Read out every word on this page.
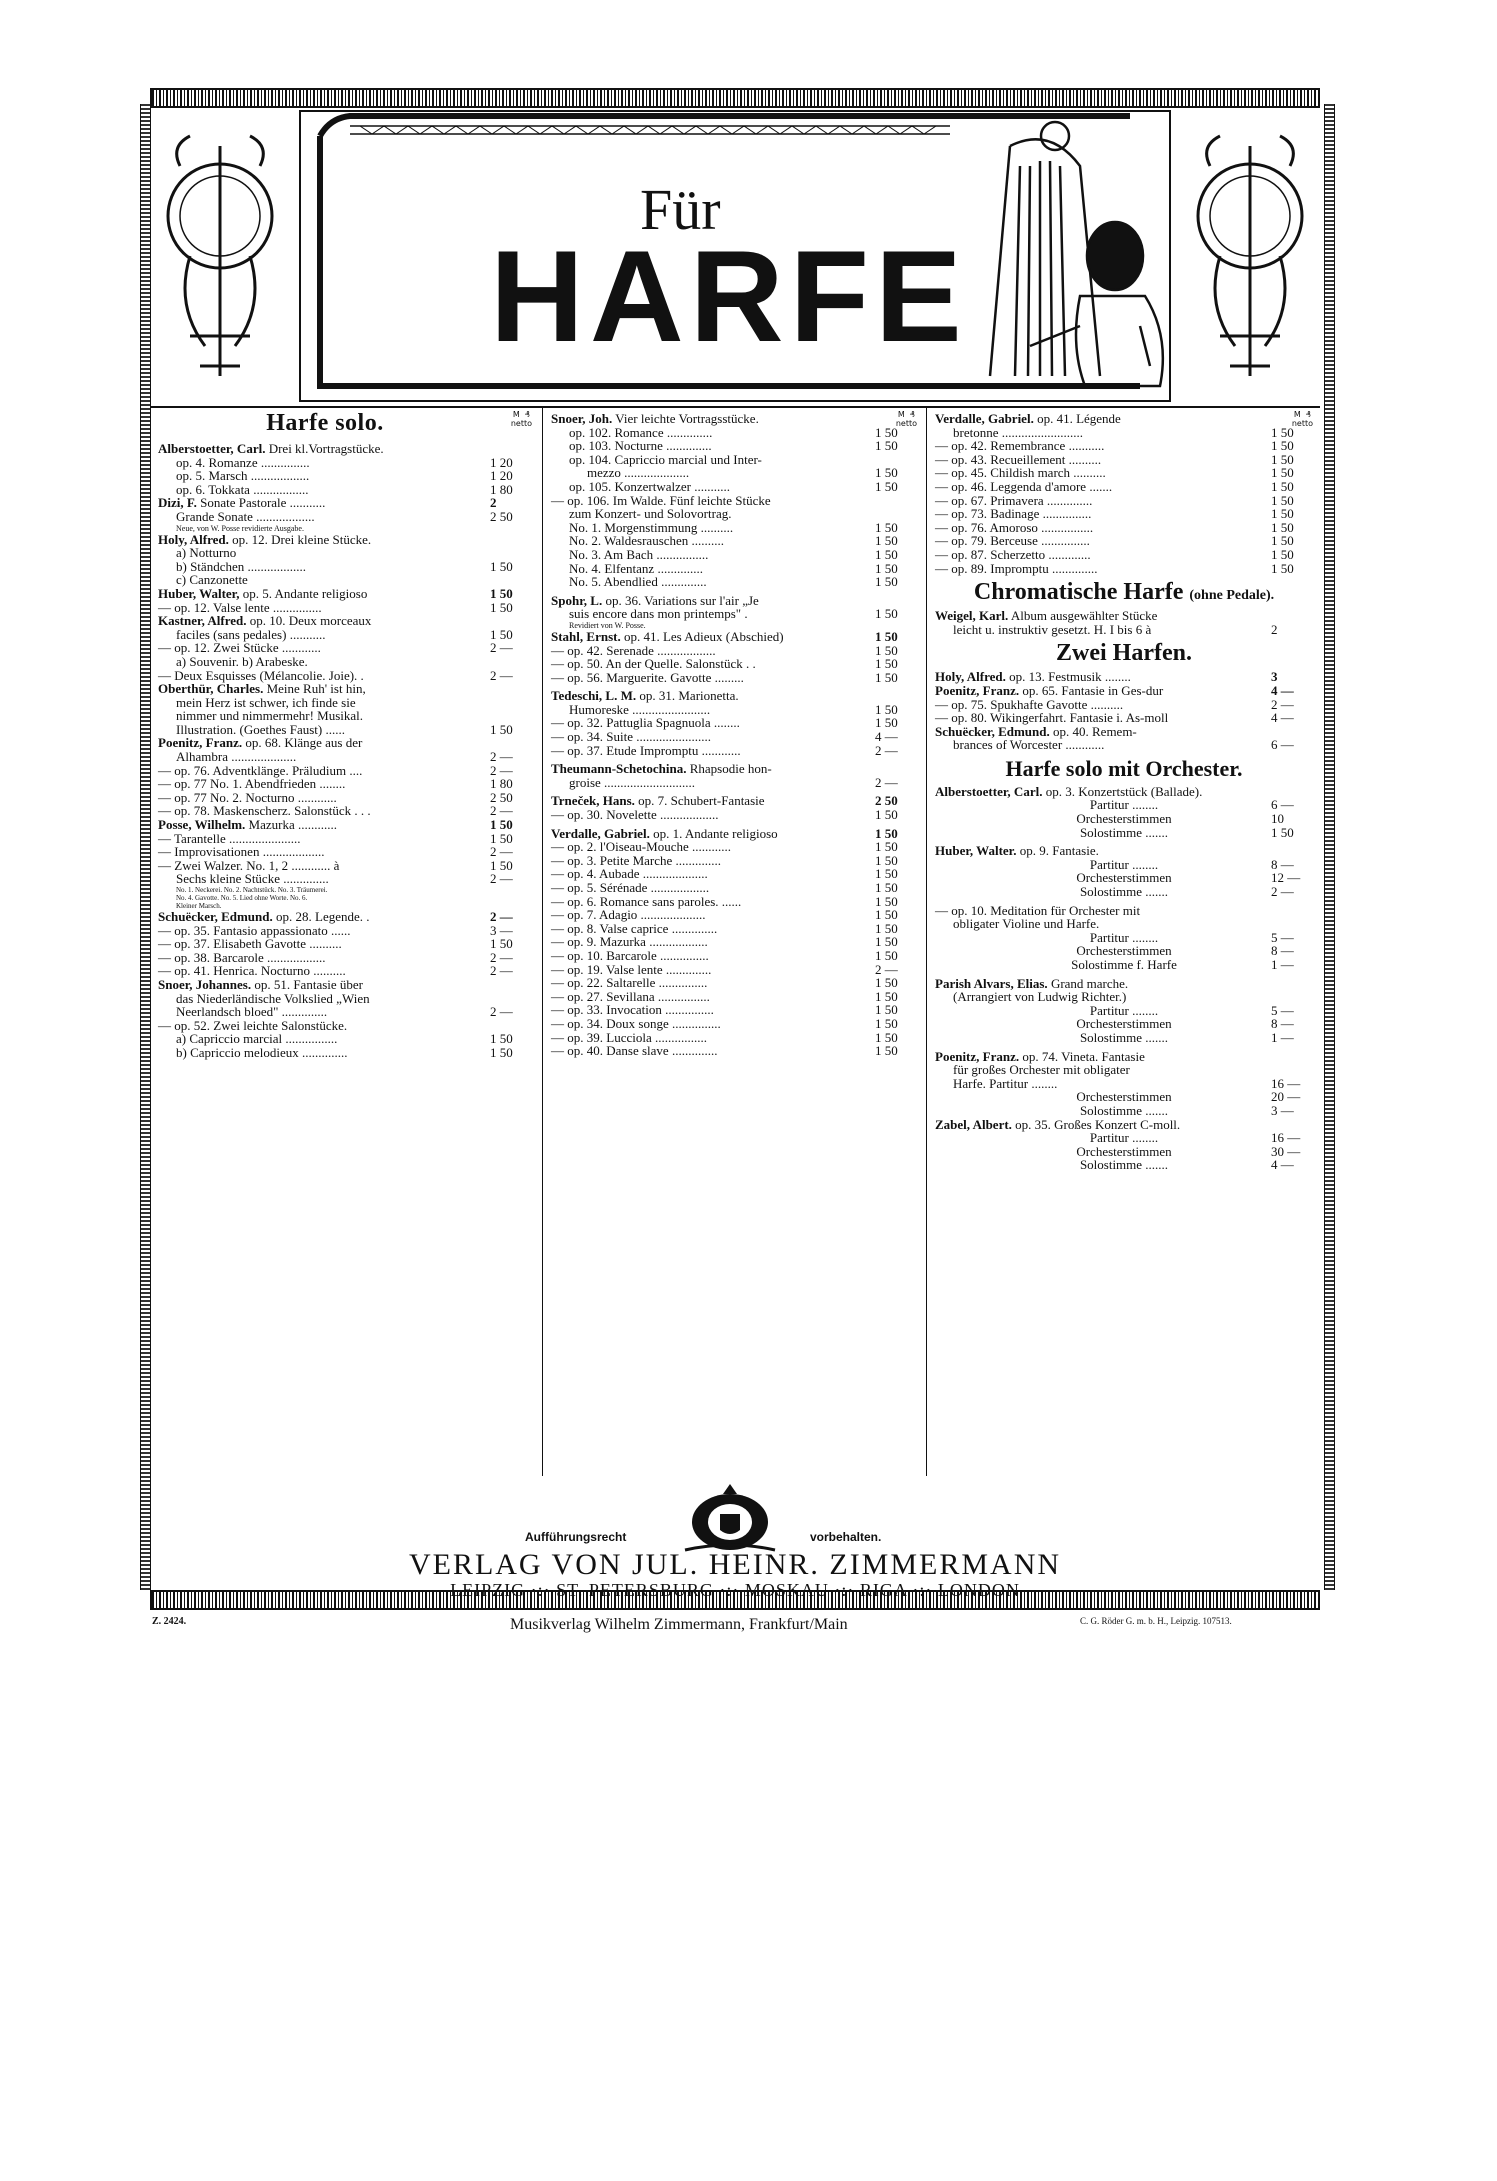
Für
HARFE
Harfe solo.	M  ₰
netto
Alberstoetter, Carl. Drei kl.Vortragstücke.
op. 4. Romanze ...............	1 20
op. 5. Marsch ..................	1 20
op. 6. Tokkata .................	1 80
Dizi, F. Sonate Pastorale ...........	2
Grande Sonate ..................	2 50
Neue, von W. Posse revidierte Ausgabe.
Holy, Alfred. op. 12. Drei kleine Stücke.
a) Notturno
b) Ständchen ..................	1 50
c) Canzonette
Huber, Walter, op. 5. Andante religioso	1 50
— op. 12. Valse lente ...............	1 50
Kastner, Alfred. op. 10. Deux morceaux
faciles (sans pedales) ...........	1 50
— op. 12. Zwei Stücke ............	2 —
a) Souvenir. b) Arabeske.
— Deux Esquisses (Mélancolie. Joie). .	2 —
Oberthür, Charles. Meine Ruh' ist hin,
mein Herz ist schwer, ich finde sie
nimmer und nimmermehr! Musikal.
Illustration. (Goethes Faust) ......	1 50
Poenitz, Franz. op. 68. Klänge aus der
Alhambra ....................	2 —
— op. 76. Adventklänge. Präludium ....	2 —
— op. 77 No. 1. Abendfrieden ........	1 80
— op. 77 No. 2. Nocturno ............	2 50
— op. 78. Maskenscherz. Salonstück . . .	2 —
Posse, Wilhelm. Mazurka ............	1 50
— Tarantelle ......................	1 50
— Improvisationen ...................	2 —
— Zwei Walzer. No. 1, 2 ............ à	1 50
Sechs kleine Stücke ..............	2 —
No. 1. Neckerei. No. 2. Nachtstück. No. 3. Träumerei.
No. 4. Gavotte. No. 5. Lied ohne Worte. No. 6.
Kleiner Marsch.
Schuëcker, Edmund. op. 28. Legende. .	2 —
— op. 35. Fantasio appassionato ......	3 —
— op. 37. Elisabeth Gavotte ..........	1 50
— op. 38. Barcarole ..................	2 —
— op. 41. Henrica. Nocturno ..........	2 —
Snoer, Johannes. op. 51. Fantasie über
das Niederländische Volkslied „Wien
Neerlandsch bloed" ..............	2 —
— op. 52. Zwei leichte Salonstücke.
a) Capriccio marcial ................	1 50
b) Capriccio melodieux ..............	1 50
M  ₰
netto
Snoer, Joh. Vier leichte Vortragsstücke.
op. 102. Romance ..............	1 50
op. 103. Nocturne ..............	1 50
op. 104. Capriccio marcial und Inter-
mezzo ....................	1 50
op. 105. Konzertwalzer ...........	1 50
— op. 106. Im Walde. Fünf leichte Stücke
zum Konzert- und Solovortrag.
No. 1. Morgenstimmung ..........	1 50
No. 2. Waldesrauschen ..........	1 50
No. 3. Am Bach ................	1 50
No. 4. Elfentanz ..............	1 50
No. 5. Abendlied ..............	1 50
Spohr, L. op. 36. Variations sur l'air „Je
suis encore dans mon printemps" .	1 50
Revidiert von W. Posse.
Stahl, Ernst. op. 41. Les Adieux (Abschied)	1 50
— op. 42. Serenade ..................	1 50
— op. 50. An der Quelle. Salonstück . .	1 50
— op. 56. Marguerite. Gavotte .........	1 50
Tedeschi, L. M. op. 31. Marionetta.
Humoreske ........................	1 50
— op. 32. Pattuglia Spagnuola ........	1 50
— op. 34. Suite .......................	4 —
— op. 37. Etude Impromptu ............	2 —
Theumann-Schetochina. Rhapsodie hon-
groise ............................	2 —
Trneček, Hans. op. 7. Schubert-Fantasie	2 50
— op. 30. Novelette ..................	1 50
Verdalle, Gabriel. op. 1. Andante religioso	1 50
— op. 2. l'Oiseau-Mouche ............	1 50
— op. 3. Petite Marche ..............	1 50
— op. 4. Aubade ....................	1 50
— op. 5. Sérénade ..................	1 50
— op. 6. Romance sans paroles. ......	1 50
— op. 7. Adagio ....................	1 50
— op. 8. Valse caprice ..............	1 50
— op. 9. Mazurka ..................	1 50
— op. 10. Barcarole ...............	1 50
— op. 19. Valse lente ..............	2 —
— op. 22. Saltarelle ...............	1 50
— op. 27. Sevillana ................	1 50
— op. 33. Invocation ...............	1 50
— op. 34. Doux songe ...............	1 50
— op. 39. Lucciola ................	1 50
— op. 40. Danse slave ..............	1 50
M  ₰
netto
Verdalle, Gabriel. op. 41. Légende
bretonne .........................	1 50
— op. 42. Remembrance ...........	1 50
— op. 43. Recueillement ..........	1 50
— op. 45. Childish march ..........	1 50
— op. 46. Leggenda d'amore .......	1 50
— op. 67. Primavera ..............	1 50
— op. 73. Badinage ...............	1 50
— op. 76. Amoroso ................	1 50
— op. 79. Berceuse ...............	1 50
— op. 87. Scherzetto .............	1 50
— op. 89. Impromptu ..............	1 50
Chromatische Harfe (ohne Pedale).
Weigel, Karl. Album ausgewählter Stücke
leicht u. instruktiv gesetzt. H. I bis 6 à	2
Zwei Harfen.
Holy, Alfred. op. 13. Festmusik ........	3
Poenitz, Franz. op. 65. Fantasie in Ges-dur	4 —
— op. 75. Spukhafte Gavotte ..........	2 —
— op. 80. Wikingerfahrt. Fantasie i. As-moll	4 —
Schuëcker, Edmund. op. 40. Remem-
brances of Worcester ............	6 —
Harfe solo mit Orchester.
Alberstoetter, Carl. op. 3. Konzertstück (Ballade).
Partitur ........	6 —
Orchesterstimmen	10
Solostimme .......	1 50
Huber, Walter. op. 9. Fantasie.
Partitur ........	8 —
Orchesterstimmen	12 —
Solostimme .......	2 —
— op. 10. Meditation für Orchester mit
obligater Violine und Harfe.
Partitur ........	5 —
Orchesterstimmen	8 —
Solostimme f. Harfe	1 —
Parish Alvars, Elias. Grand marche.
(Arrangiert von Ludwig Richter.)
Partitur ........	5 —
Orchesterstimmen	8 —
Solostimme .......	1 —
Poenitz, Franz. op. 74. Vineta. Fantasie
für großes Orchester mit obligater
Harfe. Partitur ........	16 —
Orchesterstimmen	20 —
Solostimme .......	3 —
Zabel, Albert. op. 35. Großes Konzert C-moll.
Partitur ........	16 —
Orchesterstimmen	30 —
Solostimme .......	4 —
Aufführungsrecht	vorbehalten.
VERLAG VON JUL. HEINR. ZIMMERMANN
Z. 2424.	Musikverlag Wilhelm Zimmermann, Frankfurt/Main	C. G. Röder G. m. b. H., Leipzig. 107513.
LEIPZIG ·:· ST. PETERSBURG ·:· MOSKAU ·:· RIGA ·:· LONDON
